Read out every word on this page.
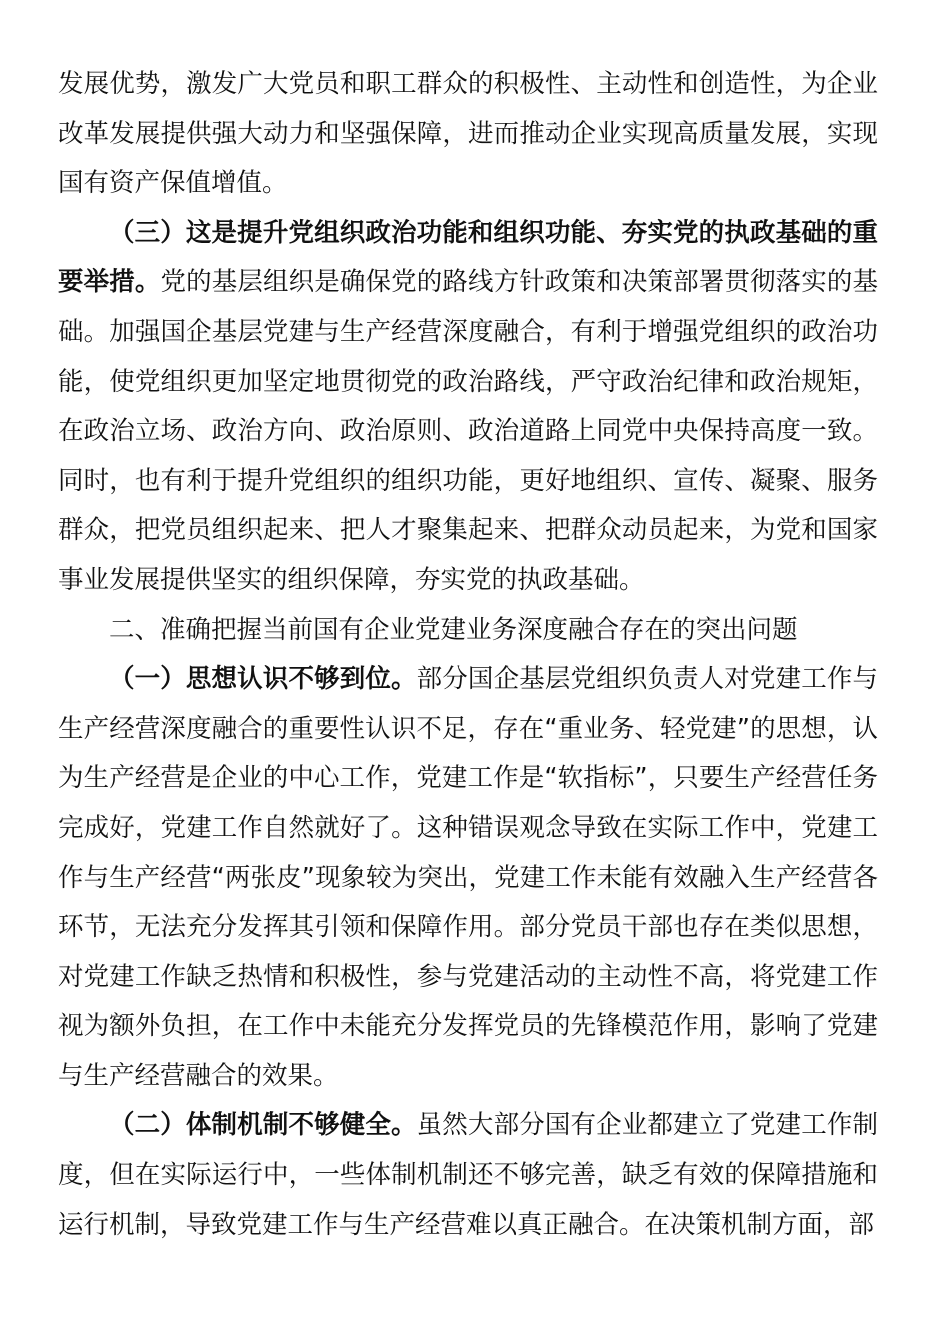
发展优势，激发广大党员和职工群众的积极性、主动性和创造性，为企业改革发展提供强大动力和坚强保障，进而推动企业实现高质量发展，实现国有资产保值增值。

（三）这是提升党组织政治功能和组织功能、夯实党的执政基础的重要举措。党的基层组织是确保党的路线方针政策和决策部署贯彻落实的基础。加强国企基层党建与生产经营深度融合，有利于增强党组织的政治功能，使党组织更加坚定地贯彻党的政治路线，严守政治纪律和政治规矩，在政治立场、政治方向、政治原则、政治道路上同党中央保持高度一致。同时，也有利于提升党组织的组织功能，更好地组织、宣传、凝聚、服务群众，把党员组织起来、把人才聚集起来、把群众动员起来，为党和国家事业发展提供坚实的组织保障，夯实党的执政基础。

二、准确把握当前国有企业党建业务深度融合存在的突出问题

（一）思想认识不够到位。部分国企基层党组织负责人对党建工作与生产经营深度融合的重要性认识不足，存在“重业务、轻党建”的思想，认为生产经营是企业的中心工作，党建工作是“软指标”，只要生产经营任务完成好，党建工作自然就好了。这种错误观念导致在实际工作中，党建工作与生产经营“两张皮”现象较为突出，党建工作未能有效融入生产经营各环节，无法充分发挥其引领和保障作用。部分党员干部也存在类似思想，对党建工作缺乏热情和积极性，参与党建活动的主动性不高，将党建工作视为额外负担，在工作中未能充分发挥党员的先锋模范作用，影响了党建与生产经营融合的效果。

（二）体制机制不够健全。虽然大部分国有企业都建立了党建工作制度，但在实际运行中，一些体制机制还不够完善，缺乏有效的保障措施和运行机制，导致党建工作与生产经营难以真正融合。在决策机制方面，部
